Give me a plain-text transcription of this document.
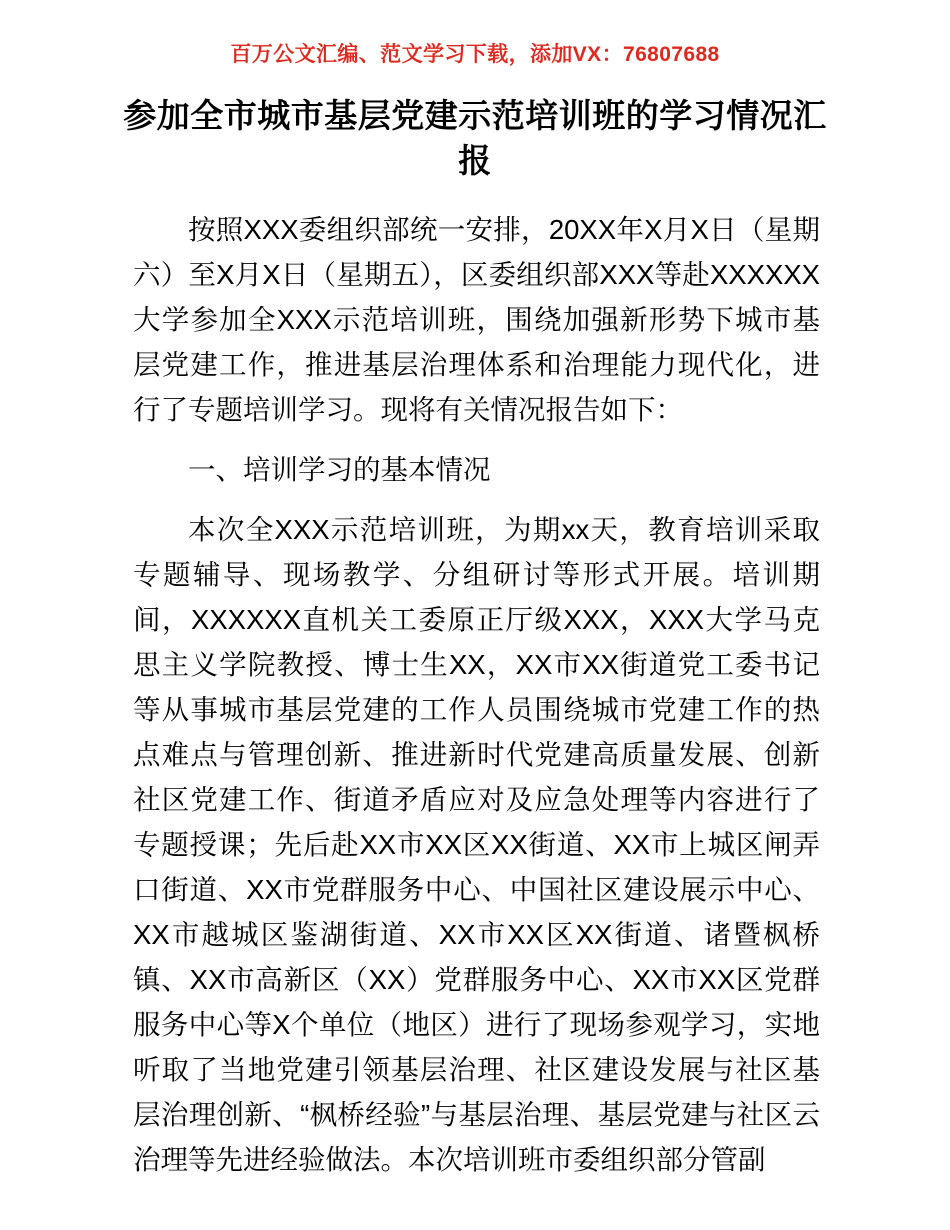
百万公文汇编、范文学习下载，添加VX：76807688
参加全市城市基层党建示范培训班的学习情况汇报

按照XXX委组织部统一安排，20XX年X月X日（星期六）至X月X日（星期五），区委组织部XXX等赴XXXXXX大学参加全XXX示范培训班，围绕加强新形势下城市基层党建工作，推进基层治理体系和治理能力现代化，进行了专题培训学习。现将有关情况报告如下：

一、培训学习的基本情况

本次全XXX示范培训班，为期xx天，教育培训采取专题辅导、现场教学、分组研讨等形式开展。培训期间，XXXXXX直机关工委原正厅级XXX，XXX大学马克思主义学院教授、博士生XX，XX市XX街道党工委书记等从事城市基层党建的工作人员围绕城市党建工作的热点难点与管理创新、推进新时代党建高质量发展、创新社区党建工作、街道矛盾应对及应急处理等内容进行了专题授课；先后赴XX市XX区XX街道、XX市上城区闸弄口街道、XX市党群服务中心、中国社区建设展示中心、XX市越城区鉴湖街道、XX市XX区XX街道、诸暨枫桥镇、XX市高新区（XX）党群服务中心、XX市XX区党群服务中心等X个单位（地区）进行了现场参观学习，实地听取了当地党建引领基层治理、社区建设发展与社区基层治理创新、“枫桥经验”与基层治理、基层党建与社区云治理等先进经验做法。本次培训班市委组织部分管副
